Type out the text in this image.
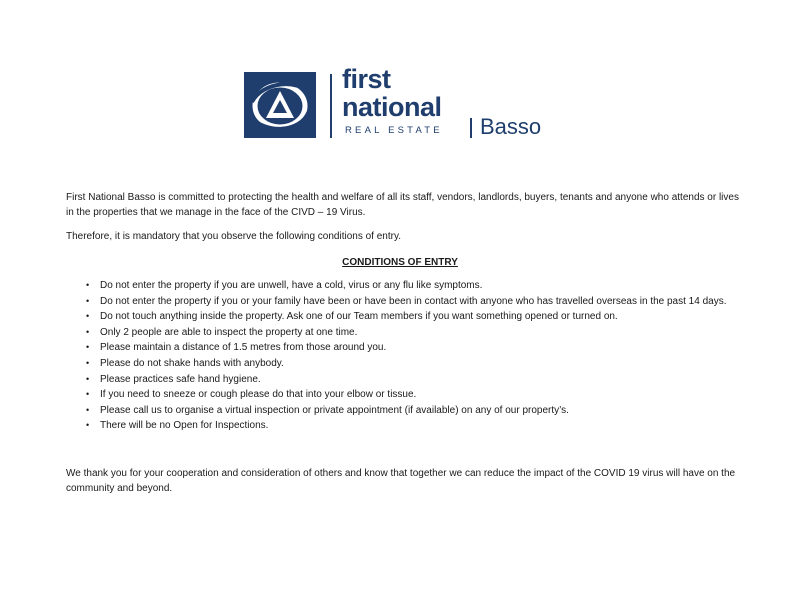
first
national
REAL ESTATE Basso

First National Basso is committed to protecting the health and welfare of all its staff, vendors, landlords, buyers, tenants and anyone who attends or lives in the properties that we manage in the face of the CIVD – 19 Virus.

Therefore, it is mandatory that you observe the following conditions of entry.

CONDITIONS OF ENTRY

• Do not enter the property if you are unwell, have a cold, virus or any flu like symptoms.
• Do not enter the property if you or your family have been or have been in contact with anyone who has travelled overseas in the past 14 days.
• Do not touch anything inside the property. Ask one of our Team members if you want something opened or turned on.
• Only 2 people are able to inspect the property at one time.
• Please maintain a distance of 1.5 metres from those around you.
• Please do not shake hands with anybody.
• Please practices safe hand hygiene.
• If you need to sneeze or cough please do that into your elbow or tissue.
• Please call us to organise a virtual inspection or private appointment (if available) on any of our property’s.
• There will be no Open for Inspections.

We thank you for your cooperation and consideration of others and know that together we can reduce the impact of the COVID 19 virus will have on the community and beyond.
